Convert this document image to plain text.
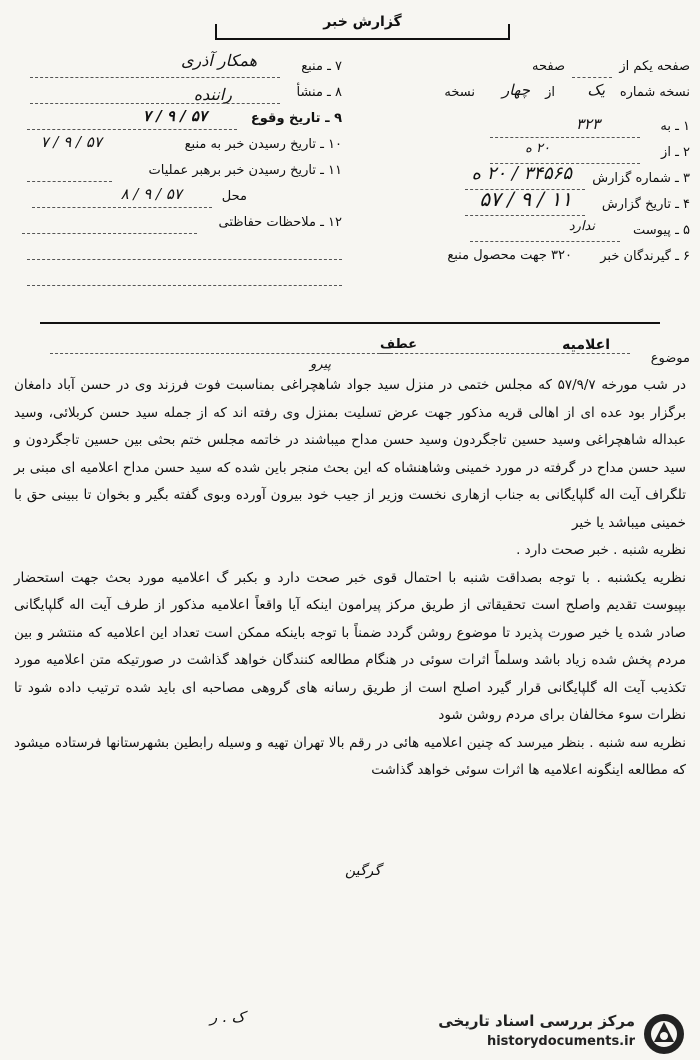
گزارش خبر
صفحه یکم از
صفحه
نسخه شماره
یک
از
چهار
نسخه
۱ ـ به
۳۲۳
۲ ـ از
۲۰ ه
۳ ـ شماره گزارش
۳۴۵۶۵ / ۲۰ ه
۴ ـ تاریخ گزارش
۱۱ / ۹ / ۵۷
۵ ـ پیوست
ندارد
۶ ـ گیرندگان خبر
۳۲۰ جهت محصول منبع
۷ ـ منبع
همکار آذری
۸ ـ منشأ
راننده
۹ ـ تاریخ وقوع
۵۷ / ۹ / ۷
۱۰ ـ تاریخ رسیدن خبر به منبع
۵۷ / ۹ / ۷
۱۱ ـ تاریخ رسیدن خبر برهبر عملیات
محل
۵۷ / ۹ / ۸
۱۲ ـ ملاحظات حفاظتی
موضوع
اعلامیه
عطف
پیرو

در شب مورخه ۵۷/۹/۷ که مجلس ختمی در منزل سید جواد شاهچراغی بمناسبت فوت فرزند وی در حسن آباد دامغان برگزار بود عده ای از اهالی قریه مذکور جهت عرض تسلیت بمنزل وی رفته اند که از جمله سید حسن کربلائی، وسید عبداله شاهچراغی وسید حسین تاجگردون وسید حسن مداح میباشند در خاتمه مجلس ختم بحثی بین حسین تاجگردون و سید حسن مداح در گرفته در مورد خمینی وشاهنشاه که این بحث منجر باین شده که سید حسن مداح اعلامیه ای مبنی بر تلگراف آیت اله گلپایگانی به جناب ازهاری نخست وزیر از جیب خود بیرون آورده وبوی گفته بگیر و بخوان تا ببینی حق با خمینی میباشد یا خیر

نظریه شنبه . خبر صحت دارد .

نظریه یکشنبه . با توجه بصداقت شنبه با احتمال قوی خبر صحت دارد و بکبر گ اعلامیه مورد بحث جهت استحضار بپیوست تقدیم واصلح است تحقیقاتی از طریق مرکز پیرامون اینکه آیا واقعاً اعلامیه مذکور از طرف آیت اله گلپایگانی صادر شده یا خیر صورت پذیرد تا موضوع روشن گردد ضمناً با توجه باینکه ممکن است تعداد این اعلامیه که منتشر و بین مردم پخش شده زیاد باشد وسلماً اثرات سوئی در هنگام مطالعه کنندگان خواهد گذاشت در صورتیکه متن اعلامیه مورد تکذیب آیت اله گلپایگانی قرار گیرد اصلح است از طریق رسانه های گروهی مصاحبه ای باید شده ترتیب داده شود تا نظرات سوء مخالفان برای مردم روشن شود

نظریه سه شنبه . بنظر میرسد که چنین اعلامیه هائی در رقم بالا تهران تهیه و وسیله رابطین بشهرستانها فرستاده میشود که مطالعه اینگونه اعلامیه ها اثرات سوئی خواهد گذاشت

گرگین
ک . ر	مرکز بررسی اسناد تاریخی
historydocuments.ir
